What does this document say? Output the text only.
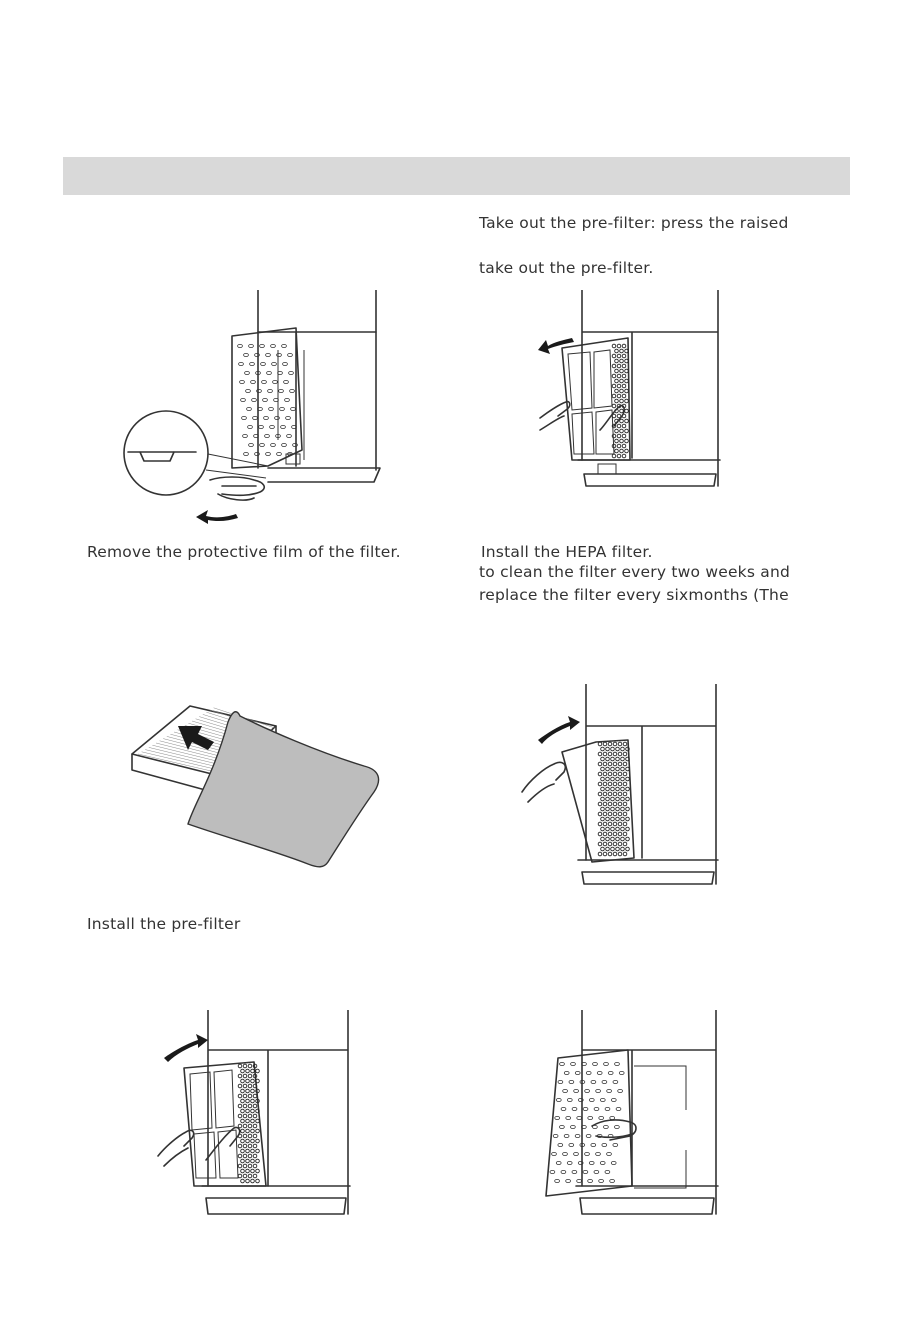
Take out the pre-filter: press the raised
take out the pre-filter.
Remove the protective film of the filter.	Install the HEPA filter.
to clean the filter every two weeks and
replace the filter every sixmonths (The
Install the pre-filter
